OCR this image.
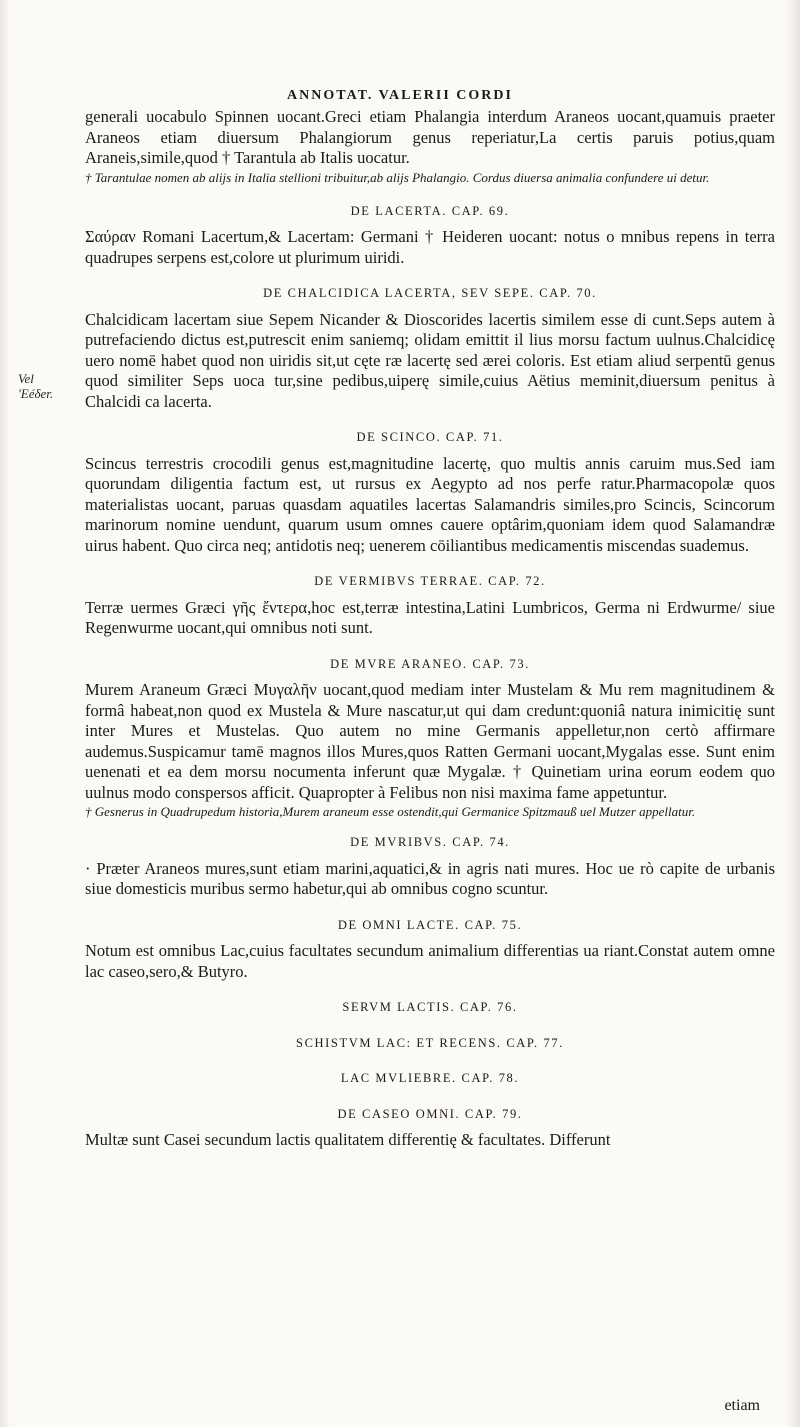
ANNOTAT. VALERII CORDI
Vel
'Eéδer.

generali uocabulo Spinnen uocant.Greci etiam Phalangia interdum Araneos uocant,quamuis praeter Araneos etiam diuersum Phalangiorum genus reperiatur,La certis paruis potius,quam Araneis,simile,quod † Tarantula ab Italis uocatur.

† Tarantulae nomen ab alijs in Italia stellioni tribuitur,ab alijs Phalangio. Cordus diuersa animalia confundere ui detur.

DE LACERTA. CAP. 69.

Σαύραν Romani Lacertum,& Lacertam: Germani † Heideren uocant: notus o mnibus repens in terra quadrupes serpens est,colore ut plurimum uiridi.

DE CHALCIDICA LACERTA, SEV SEPE. CAP. 70.

Chalcidicam lacertam siue Sepem Nicander & Dioscorides lacertis similem esse di cunt.Seps autem à putrefaciendo dictus est,putrescit enim saniemq; olidam emittit il lius morsu factum uulnus.Chalcidicę uero nomē habet quod non uiridis sit,ut cęte ræ lacertę sed ærei coloris. Est etiam aliud serpentū genus quod similiter Seps uoca tur,sine pedibus,uiperę simile,cuius Aëtius meminit,diuersum penitus à Chalcidi ca lacerta.

DE SCINCO. CAP. 71.

Scincus terrestris crocodili genus est,magnitudine lacertę, quo multis annis caruim mus.Sed iam quorundam diligentia factum est, ut rursus ex Aegypto ad nos perfe ratur.Pharmacopolæ quos materialistas uocant, paruas quasdam aquatiles lacertas Salamandris similes,pro Scincis, Scincorum marinorum nomine uendunt, quarum usum omnes cauere optârim,quoniam idem quod Salamandræ uirus habent. Quo circa neq; antidotis neq; uenerem cōiliantibus medicamentis miscendas suademus.

DE VERMIBVS TERRAE. CAP. 72.

Terræ uermes Græci γῆς ἔντερα,hoc est,terræ intestina,Latini Lumbricos, Germa ni Erdwurme/ siue Regenwurme uocant,qui omnibus noti sunt.

DE MVRE ARANEO. CAP. 73.

Murem Araneum Græci Μυγαλῆν uocant,quod mediam inter Mustelam & Mu rem magnitudinem & formâ habeat,non quod ex Mustela & Mure nascatur,ut qui dam credunt:quoniâ natura inimicitię sunt inter Mures et Mustelas. Quo autem no mine Germanis appelletur,non certò affirmare audemus.Suspicamur tamē magnos illos Mures,quos Ratten Germani uocant,Mygalas esse. Sunt enim uenenati et ea dem morsu nocumenta inferunt quæ Mygalæ. † Quinetiam urina eorum eodem quo uulnus modo conspersos afficit. Quapropter à Felibus non nisi maxima fame appetuntur.

† Gesnerus in Quadrupedum historia,Murem araneum esse ostendit,qui Germanice Spitzmauß uel Mutzer appellatur.

DE MVRIBVS. CAP. 74.

· Præter Araneos mures,sunt etiam marini,aquatici,& in agris nati mures. Hoc ue rò capite de urbanis siue domesticis muribus sermo habetur,qui ab omnibus cogno scuntur.

DE OMNI LACTE. CAP. 75.

Notum est omnibus Lac,cuius facultates secundum animalium differentias ua riant.Constat autem omne lac caseo,sero,& Butyro.

SERVM LACTIS. CAP. 76.
SCHISTVM LAC: ET RECENS. CAP. 77.
LAC MVLIEBRE. CAP. 78.
DE CASEO OMNI. CAP. 79.

Multæ sunt Casei secundum lactis qualitatem differentię & facultates. Differunt

etiam
